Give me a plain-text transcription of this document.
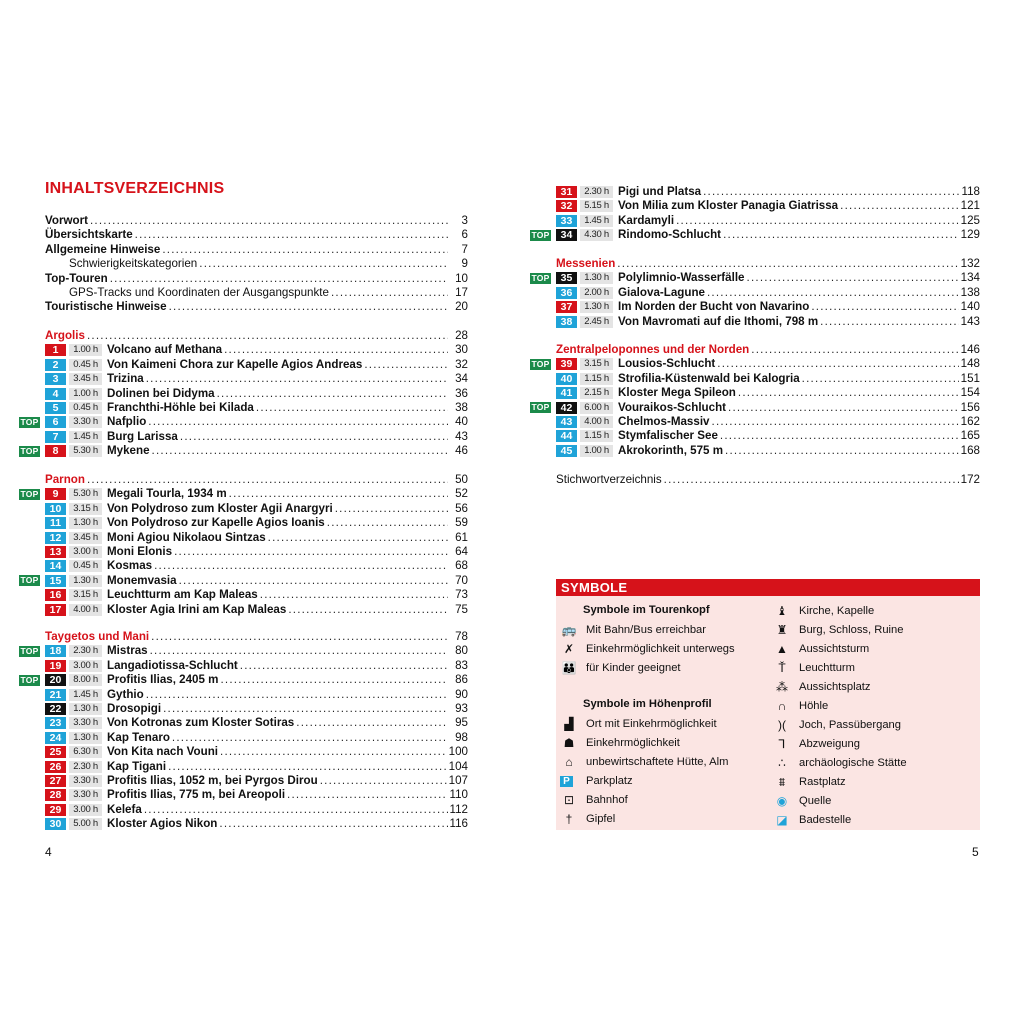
INHALTSVERZEICHNIS
Vorwort . . .	3
Übersichtskarte . . .	6
Allgemeine Hinweise . . .	7
Schwierigkeitskategorien . . .	9
Top-Touren . . .	10
GPS-Tracks und Koordinaten der Ausgangspunkte . . .	17
Touristische Hinweise . . .	20
Argolis . . .	28
1	1.00 h Volcano auf Methana . . .	30
2	0.45 h Von Kaimeni Chora zur Kapelle Agios Andreas . . .	32
3	3.45 h Trizina . . .	34
4	1.00 h Dolinen bei Didyma . . .	36
5	0.45 h Franchthi-Höhle bei Kilada . . .	38
TOP	6	3.30 h Nafplio . . .	40
7	1.45 h Burg Larissa . . .	43
TOP	8	5.30 h Mykene . . .	46
Parnon . . .	50
TOP	9	5.30 h Megali Tourla, 1934 m . . .	52
10	3.15 h Von Polydroso zum Kloster Agii Anargyri . . .	56
11	1.30 h Von Polydroso zur Kapelle Agios Ioanis . . .	59
12	3.45 h Moni Agiou Nikolaou Sintzas . . .	61
13	3.00 h Moni Elonis . . .	64
14	0.45 h Kosmas . . .	68
TOP	15	1.30 h Monemvasia . . .	70
16	3.15 h Leuchtturm am Kap Maleas . . .	73
17	4.00 h Kloster Agia Irini am Kap Maleas . . .	75
Taygetos und Mani . . .	78
TOP	18	2.30 h Mistras . . .	80
19	3.00 h Langadiotissa-Schlucht . . .	83
TOP	20	8.00 h Profitis Ilias, 2405 m . . .	86
21	1.45 h Gythio . . .	90
22	1.30 h Drosopigi . . .	93
23	3.30 h Von Kotronas zum Kloster Sotiras . . .	95
24	1.30 h Kap Tenaro . . .	98
25	6.30 h Von Kita nach Vouni . . .	100
26	2.30 h Kap Tigani . . .	104
27	3.30 h Profitis Ilias, 1052 m, bei Pyrgos Dirou . . .	107
28	3.30 h Profitis Ilias, 775 m, bei Areopoli . . .	110
29	3.00 h Kelefa . . .	112
30	5.00 h Kloster Agios Nikon . . .	116
31	2.30 h Pigi und Platsa . . .	118
32	5.15 h Von Milia zum Kloster Panagia Giatrissa . . .	121
33	1.45 h Kardamyli . . .	125
TOP	34	4.30 h Rindomo-Schlucht . . .	129
Messenien . . .	132
TOP	35	1.30 h Polylimnio-Wasserfälle . . .	134
36	2.00 h Gialova-Lagune . . .	138
37	1.30 h Im Norden der Bucht von Navarino . . .	140
38	2.45 h Von Mavromati auf die Ithomi, 798 m . . .	143
Zentralpeloponnes und der Norden . . .	146
TOP	39	3.15 h Lousios-Schlucht . . .	148
40	1.15 h Strofilia-Küstenwald bei Kalogria . . .	151
41	2.15 h Kloster Mega Spileon . . .	154
TOP	42	6.00 h Vouraikos-Schlucht . . .	156
43	4.00 h Chelmos-Massiv . . .	162
44	1.15 h Stymfalischer See . . .	165
45	1.00 h Akrokorinth, 575 m . . .	168
Stichwortverzeichnis . . .	172
4	5
SYMBOLE
Symbole im Tourenkopf
🚌 Mit Bahn/Bus erreichbar
✗	Einkehrmöglichkeit unterwegs
👪 für Kinder geeignet
Symbole im Höhenprofil
▟	Ort mit Einkehrmöglichkeit
☗	Einkehrmöglichkeit
⌂	unbewirtschaftete Hütte, Alm
P Parkplatz
⊡	Bahnhof
†	Gipfel
♝	Kirche, Kapelle
♜	Burg, Schloss, Ruine
▲ Aussichtsturm
Ť	Leuchtturm
⁂ Aussichtsplatz
∩	Höhle
)(	Joch, Passübergang
⅂	Abzweigung
∴	archäologische Stätte
⩩	Rastplatz
◉	Quelle
◪ Badestelle
